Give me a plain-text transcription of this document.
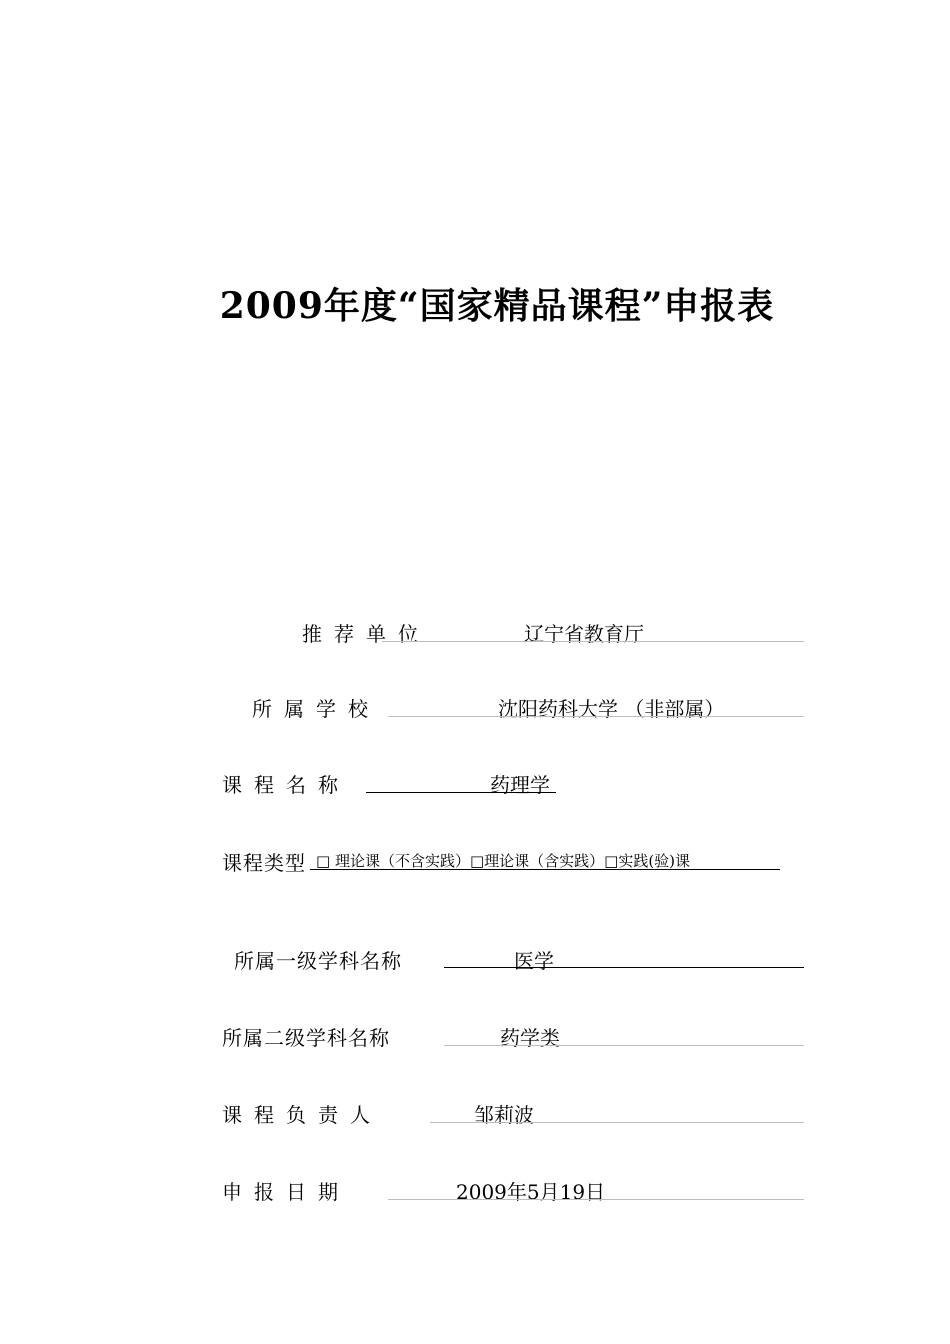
2009年度“国家精品课程”申报表
推荐单位	辽宁省教育厅
所属学校	沈阳药科大学 （非部属）
课程名称	药理学
课程类型 □ 理论课（不含实践）□理论课（含实践）□实践(验)课
所属一级学科名称	医学
所属二级学科名称	药学类
课程负责人	邹莉波
申报日期	2009年5月19日
